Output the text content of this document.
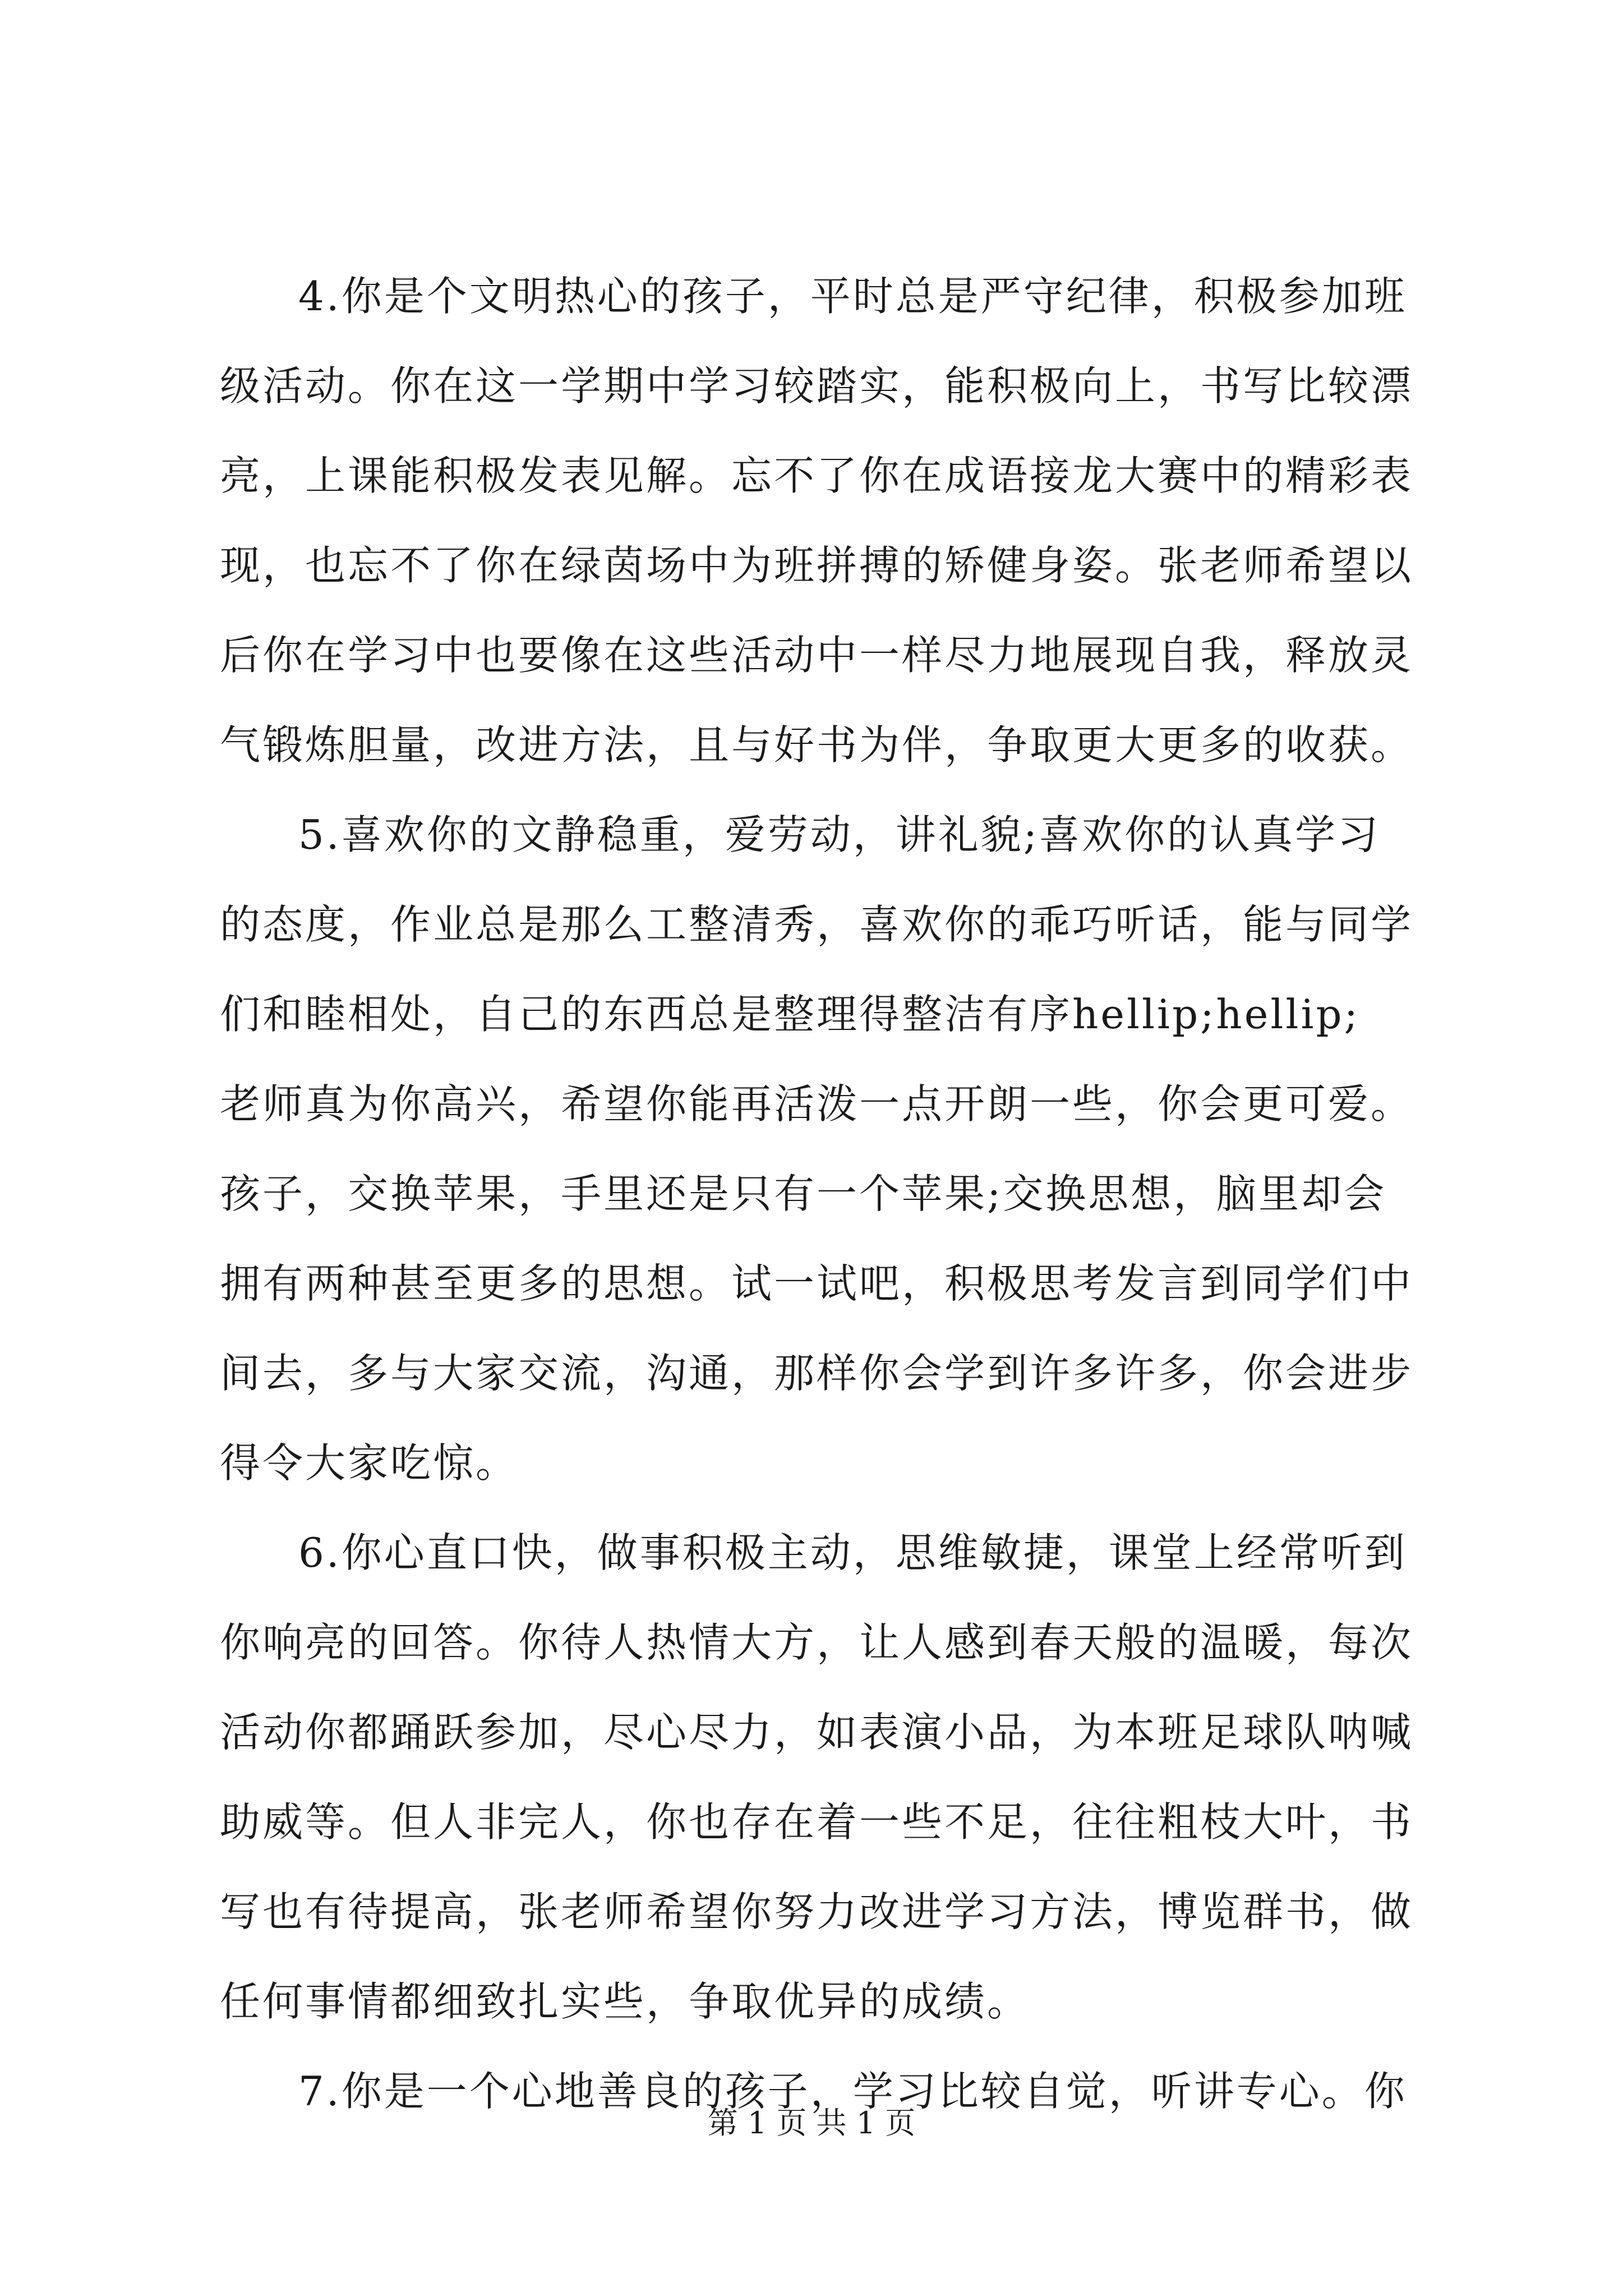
4.你是个文明热心的孩子，平时总是严守纪律，积极参加班
级活动。你在这一学期中学习较踏实，能积极向上，书写比较漂
亮，上课能积极发表见解。忘不了你在成语接龙大赛中的精彩表
现，也忘不了你在绿茵场中为班拼搏的矫健身姿。张老师希望以
后你在学习中也要像在这些活动中一样尽力地展现自我，释放灵
气锻炼胆量，改进方法，且与好书为伴，争取更大更多的收获。
5.喜欢你的文静稳重，爱劳动，讲礼貌;喜欢你的认真学习
的态度，作业总是那么工整清秀，喜欢你的乖巧听话，能与同学
们和睦相处，自己的东西总是整理得整洁有序hellip;hellip;
老师真为你高兴，希望你能再活泼一点开朗一些，你会更可爱。
孩子，交换苹果，手里还是只有一个苹果;交换思想，脑里却会
拥有两种甚至更多的思想。试一试吧，积极思考发言到同学们中
间去，多与大家交流，沟通，那样你会学到许多许多，你会进步
得令大家吃惊。
6.你心直口快，做事积极主动，思维敏捷，课堂上经常听到
你响亮的回答。你待人热情大方，让人感到春天般的温暖，每次
活动你都踊跃参加，尽心尽力，如表演小品，为本班足球队呐喊
助威等。但人非完人，你也存在着一些不足，往往粗枝大叶，书
写也有待提高，张老师希望你努力改进学习方法，博览群书，做
任何事情都细致扎实些，争取优异的成绩。
7.你是一个心地善良的孩子，学习比较自觉，听讲专心。你
第 1 页 共 1 页
